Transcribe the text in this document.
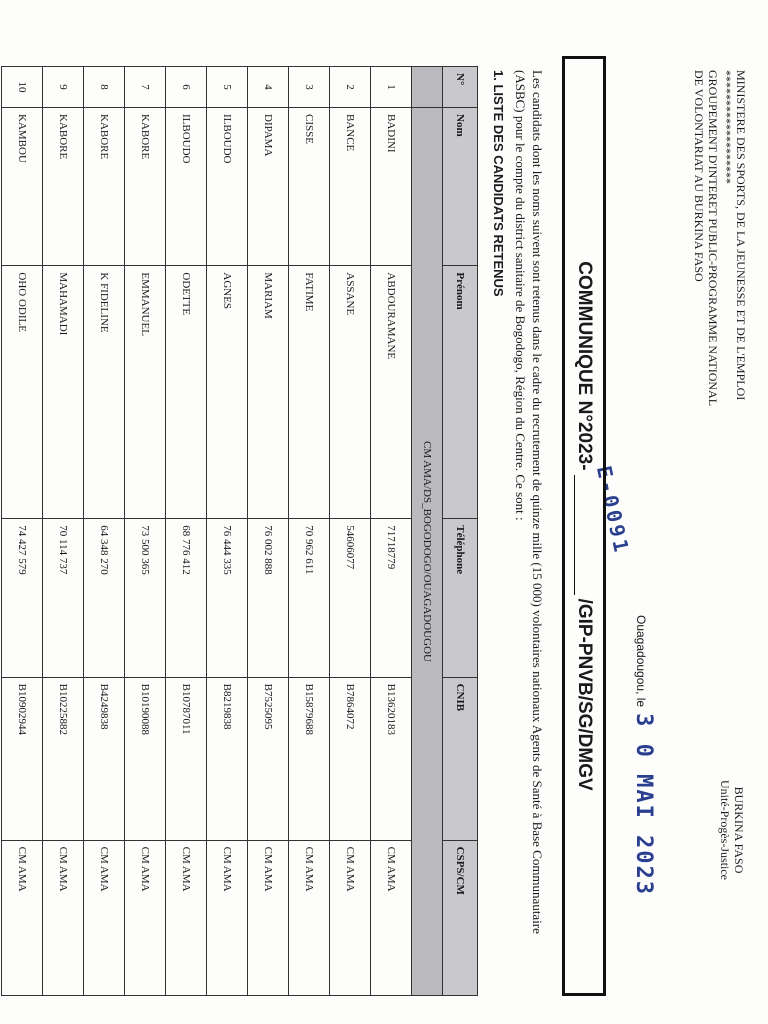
MINISTERE DES SPORTS, DE LA JEUNESSE ET DE L'EMPLOI
*******************
GROUPEMENT D'INTERET PUBLIC-PROGRAMME NATIONAL
DE VOLONTARIAT AU BURKINA FASO
BURKINA FASO
Unité-Progès-Justice
Ouagadougou, le
3 0 MAI 2023
E-0091
COMMUNIQUE N°2023-
/GIP-PNVB/SG/DMGV
Les candidats dont les noms suivent sont retenus dans le cadre du recrutement de quinze mille (15 000) volontaires nationaux Agents de Santé à Base Communautaire (ASBC) pour le compte du district sanitaire de Bogodogo, Région du Centre. Ce sont :
1. LISTE DES CANDIDATS RETENUS
N°	Nom	Prénom	Téléphone	CNIB	CSPS/CM
	CM AMA/DS_BOGODOGO/OUAGADOUGOU				
1	BADINI	ABDOURAMANE	71718779	B13620183	CM AMA
2	BANCE	ASSANE	54606077	B7864072	CM AMA
3	CISSE	FATIME	70 962 611	B15879688	CM AMA
4	DIPAMA	MARIAM	76 002 888	B7525095	CM AMA
5	ILBOUDO	AGNES	76 444 335	B8219838	CM AMA
6	ILBOUDO	ODETTE	68 776 412	B10787011	CM AMA
7	KABORE	EMMANUEL	73 500 365	B10190088	CM AMA
8	KABORE	K FIDELINE	64 348 270	B4249838	CM AMA
9	KABORE	MAHAMADI	70 114 737	B10225882	CM AMA
10	KAMBOU	OHO ODILE	74 427 579	B10902944	CM AMA
